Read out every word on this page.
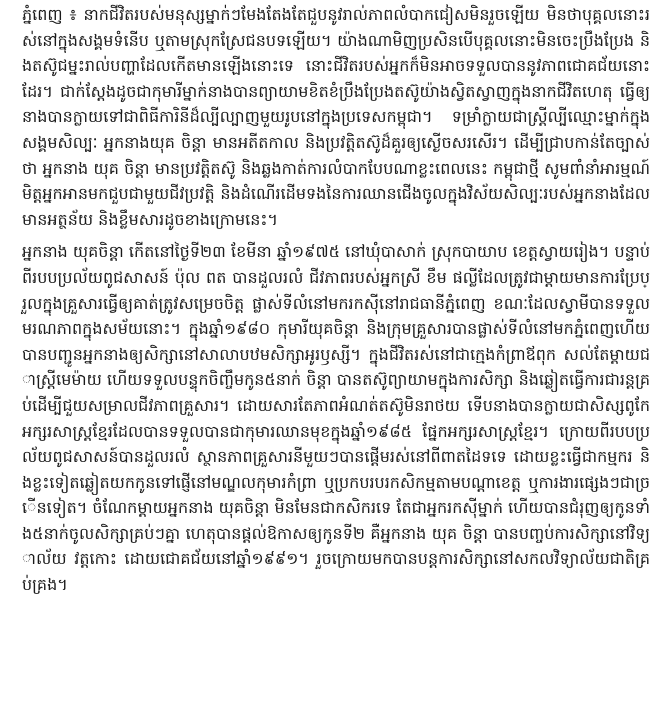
ភ្នំពេញ ៖ នាកជីវិតរបស់មនុស្សម្នាក់ៗមែងតែងតែជួបនូវរាល់ភាពលំបាកជៀសមិនរួចឡើយ មិនថាបុគ្គលនោះរស់នៅក្នុងសង្គមទំនើប ឬតាមស្រុកស្រែជនបទឡើយ។ យ៉ាងណាមិញប្រសិនបើបុគ្គលនោះមិនចេះប្រឹងប្រែង និងតស៊ូជម្នះរាល់បញ្ហាដែលកើតមានឡើងនោះទេ នោះជីវិតរបស់អ្នកក៏មិនអាចទទួលបាននូវភាពជោគជ័យនោះដែរ។ ជាក់ស្តែងដូចជាកុមារីម្នាក់នាងបានព្យាយាមខិតខំប្រឹងប្រែងតស៊ូយ៉ាងស្វិតស្វាញក្នុងនាកជីវិតហេតុ ធ្វើឲ្យនាងបានក្លាយទៅជាពិធីការិនីដ៏ល្បីល្បាញមួយរូបនៅក្នុងប្រទេសកម្ពុជា។ ទម្រាំក្លាយជាស្ត្រីល្បីឈ្មោះម្នាក់ក្នុងសង្គមសិល្បៈ អ្នកនាងយុគ ចិន្តា មានអតីតកាល និងប្រវត្តិតស៊ូដ៏គួរឲ្យស្ងើចសរសើរ។ ដើម្បីជ្រាបកាន់តែច្បាស់ថា អ្នកនាង យុគ ចិន្តា មានប្រវត្តិតស៊ូ និងឆ្លងកាត់ការលំបាកបែបណាខ្លះពេលនេះ កម្ពុជាថ្មី សូមពាំនាំអារម្មណ៍មិត្តអ្នកអានមកជួបជាមួយជីវប្រវត្តិ និងដំណើរដើមទងនៃការឈានជើងចូលក្នុងវិស័យសិល្បៈរបស់អ្នកនាងដែលមានអត្ថន័យ និងខ្លឹមសារដូចខាងក្រោមនេះ។

អ្នកនាង យុគចិន្តា កើតនៅថ្ងៃទី២៣ ខែមីនា ឆ្នាំ១៩៧៥ នៅឃុំបាសាក់ ស្រុកបាយាប ខេត្តស្វាយរៀង។ បន្ទាប់ពីរបបប្រល័យពូជសាសន៍ ប៉ុល ពត បានដួលរលំ ជីវភាពរបស់អ្នកស្រី ខឹម ផល្លីដែលត្រូវជាម្ដាយមានការប្រែប្រួលក្នុងគ្រួសារធ្វើឲ្យគាត់ត្រូវសម្រេចចិត្ត ផ្លាស់ទីលំនៅមករកស៊ីនៅរាជធានីភ្នំពេញ ខណៈដែលស្វាមីបានទទួលមរណភាពក្នុងសម័យនោះ។ ក្នុងឆ្នាំ១៩៨០ កុមារីយុគចិន្តា និងក្រុមគ្រួសារបានផ្លាស់ទីលំនៅមកភ្នំពេញហើយបានបញ្ជូនអ្នកនាងឲ្យសិក្សានៅសាលាបឋមសិក្សាអូរឫស្សី។ ក្នុងជីវិតរស់នៅជាក្មេងកំព្រាឪពុក សល់តែម្ដាយជាស្ត្រីមេម៉ាយ ហើយទទួលបន្ទុកចិញ្ចឹមកូន៥នាក់ ចិន្តា បានតស៊ូព្យាយាមក្នុងការសិក្សា និងឆ្លៀតធ្វើការជារន្តគ្រប់ដើម្បីជួយសម្រាលជីវភាពគ្រួសារ។ ដោយសារតែភាពអំណត់តស៊ូមិនរាថយ ទើបនាងបានក្លាយជាសិស្សពូកែអក្សរសាស្ត្រខ្មែរដែលបានទទួលបានជាកុមារឈានមុខក្នុងឆ្នាំ១៩៨៥ ផ្នែកអក្សរសាស្ត្រខ្មែរ។ ក្រោយពីរបបប្រល័យពូជសាសន៍បានដួលរលំ ស្ថានភាពគ្រួសារនីមួយៗបានផ្ដើមរស់នៅពីពាតដៃទទេ ដោយខ្លះធ្វើជាកម្មករ និងខ្លះទៀតឆ្លៀតយកកូនទៅផ្ញើនៅមណ្ឌលកុមារកំព្រា ឬប្រកបរបរកសិកម្មតាមបណ្ដាខេត្ត ឬការងារផ្សេងៗជាច្រើនទៀត។ ចំណែកម្ដាយអ្នកនាង យុគចិន្តា មិនមែនជាកសិករទេ តែជាអ្នករកស៊ីម្នាក់ ហើយបានជំរុញឲ្យកូនទាំង៥នាក់ចូលសិក្សាគ្រប់ៗគ្នា ហេតុបានផ្ដល់ឱកាសឲ្យកូនទី២ គឺអ្នកនាង យុគ ចិន្តា បានបញ្ចប់ការសិក្សានៅវិទ្យាល័យ វត្តកោះ ដោយជោគជ័យនៅឆ្នាំ១៩៩១។ រួចក្រោយមកបានបន្តការសិក្សានៅសកលវិទ្យាល័យជាតិគ្រប់គ្រង។
